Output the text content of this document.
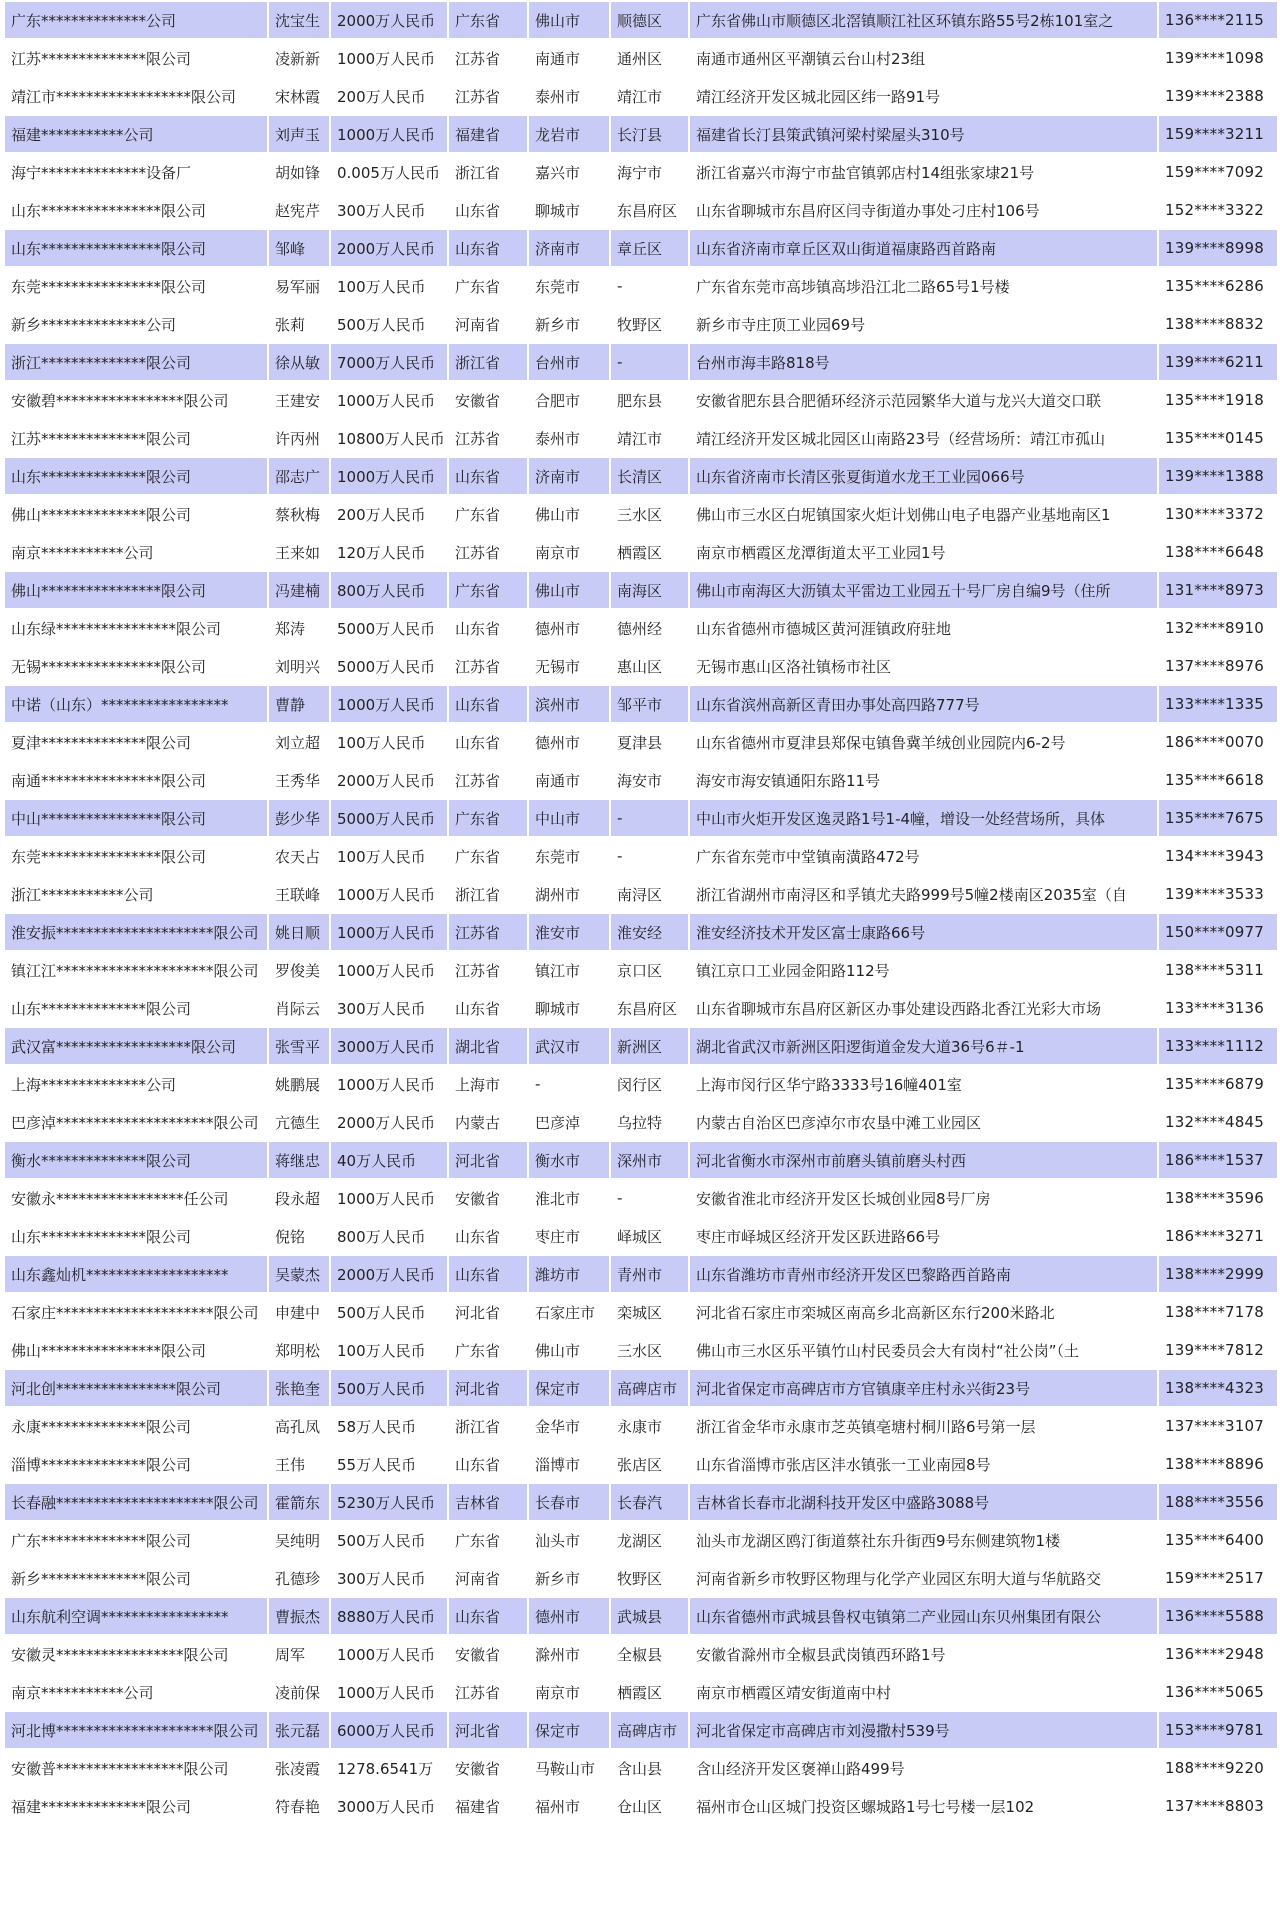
广东**************公司	沈宝生	2000万人民币	广东省	佛山市	顺德区	广东省佛山市顺德区北滘镇顺江社区环镇东路55号2栋101室之	136****2115
江苏**************限公司	凌新新	1000万人民币	江苏省	南通市	通州区	南通市通州区平潮镇云台山村23组	139****1098
靖江市******************限公司	宋林霞	200万人民币	江苏省	泰州市	靖江市	靖江经济开发区城北园区纬一路91号	139****2388
福建***********公司	刘声玉	1000万人民币	福建省	龙岩市	长汀县	福建省长汀县策武镇河梁村梁屋头310号	159****3211
海宁**************设备厂	胡如锋	0.005万人民币	浙江省	嘉兴市	海宁市	浙江省嘉兴市海宁市盐官镇郭店村14组张家埭21号	159****7092
山东****************限公司	赵宪芹	300万人民币	山东省	聊城市	东昌府区	山东省聊城市东昌府区闫寺街道办事处刁庄村106号	152****3322
山东****************限公司	邹峰	2000万人民币	山东省	济南市	章丘区	山东省济南市章丘区双山街道福康路西首路南	139****8998
东莞****************限公司	易军丽	100万人民币	广东省	东莞市	-	广东省东莞市高埗镇高埗沿江北二路65号1号楼	135****6286
新乡**************公司	张莉	500万人民币	河南省	新乡市	牧野区	新乡市寺庄顶工业园69号	138****8832
浙江**************限公司	徐从敏	7000万人民币	浙江省	台州市	-	台州市海丰路818号	139****6211
安徽碧*****************限公司	王建安	1000万人民币	安徽省	合肥市	肥东县	安徽省肥东县合肥循环经济示范园繁华大道与龙兴大道交口联	135****1918
江苏**************限公司	许丙州	10800万人民币	江苏省	泰州市	靖江市	靖江经济开发区城北园区山南路23号（经营场所：靖江市孤山	135****0145
山东**************限公司	邵志广	1000万人民币	山东省	济南市	长清区	山东省济南市长清区张夏街道水龙王工业园066号	139****1388
佛山**************限公司	蔡秋梅	200万人民币	广东省	佛山市	三水区	佛山市三水区白坭镇国家火炬计划佛山电子电器产业基地南区1	130****3372
南京***********公司	王来如	120万人民币	江苏省	南京市	栖霞区	南京市栖霞区龙潭街道太平工业园1号	138****6648
佛山****************限公司	冯建楠	800万人民币	广东省	佛山市	南海区	佛山市南海区大沥镇太平雷边工业园五十号厂房自编9号（住所	131****8973
山东绿****************限公司	郑涛	5000万人民币	山东省	德州市	德州经	山东省德州市德城区黄河涯镇政府驻地	132****8910
无锡****************限公司	刘明兴	5000万人民币	江苏省	无锡市	惠山区	无锡市惠山区洛社镇杨市社区	137****8976
中诺（山东）*****************	曹静	1000万人民币	山东省	滨州市	邹平市	山东省滨州高新区青田办事处高四路777号	133****1335
夏津**************限公司	刘立超	100万人民币	山东省	德州市	夏津县	山东省德州市夏津县郑保屯镇鲁冀羊绒创业园院内6-2号	186****0070
南通****************限公司	王秀华	2000万人民币	江苏省	南通市	海安市	海安市海安镇通阳东路11号	135****6618
中山****************限公司	彭少华	5000万人民币	广东省	中山市	-	中山市火炬开发区逸灵路1号1-4幢，增设一处经营场所，具体	135****7675
东莞****************限公司	农天占	100万人民币	广东省	东莞市	-	广东省东莞市中堂镇南潢路472号	134****3943
浙江***********公司	王联峰	1000万人民币	浙江省	湖州市	南浔区	浙江省湖州市南浔区和孚镇尤夫路999号5幢2楼南区2035室（自	139****3533
淮安振*********************限公司	姚日顺	1000万人民币	江苏省	淮安市	淮安经	淮安经济技术开发区富士康路66号	150****0977
镇江江*********************限公司	罗俊美	1000万人民币	江苏省	镇江市	京口区	镇江京口工业园金阳路112号	138****5311
山东**************限公司	肖际云	300万人民币	山东省	聊城市	东昌府区	山东省聊城市东昌府区新区办事处建设西路北香江光彩大市场	133****3136
武汉富******************限公司	张雪平	3000万人民币	湖北省	武汉市	新洲区	湖北省武汉市新洲区阳逻街道金发大道36号6＃-1	133****1112
上海**************公司	姚鹏展	1000万人民币	上海市	-	闵行区	上海市闵行区华宁路3333号16幢401室	135****6879
巴彦淖*********************限公司	亢德生	2000万人民币	内蒙古	巴彦淖	乌拉特	内蒙古自治区巴彦淖尔市农垦中滩工业园区	132****4845
衡水**************限公司	蒋继忠	40万人民币	河北省	衡水市	深州市	河北省衡水市深州市前磨头镇前磨头村西	186****1537
安徽永*****************任公司	段永超	1000万人民币	安徽省	淮北市	-	安徽省淮北市经济开发区长城创业园8号厂房	138****3596
山东**************限公司	倪铭	800万人民币	山东省	枣庄市	峄城区	枣庄市峄城区经济开发区跃进路66号	186****3271
山东鑫灿机*******************	吴蒙杰	2000万人民币	山东省	潍坊市	青州市	山东省潍坊市青州市经济开发区巴黎路西首路南	138****2999
石家庄*********************限公司	申建中	500万人民币	河北省	石家庄市	栾城区	河北省石家庄市栾城区南高乡北高新区东行200米路北	138****7178
佛山****************限公司	郑明松	100万人民币	广东省	佛山市	三水区	佛山市三水区乐平镇竹山村民委员会大有岗村“社公岗”（土	139****7812
河北创****************限公司	张艳奎	500万人民币	河北省	保定市	高碑店市	河北省保定市高碑店市方官镇康辛庄村永兴街23号	138****4323
永康**************限公司	高孔凤	58万人民币	浙江省	金华市	永康市	浙江省金华市永康市芝英镇亳塘村桐川路6号第一层	137****3107
淄博**************限公司	王伟	55万人民币	山东省	淄博市	张店区	山东省淄博市张店区沣水镇张一工业南园8号	138****8896
长春融*********************限公司	霍箭东	5230万人民币	吉林省	长春市	长春汽	吉林省长春市北湖科技开发区中盛路3088号	188****3556
广东**************限公司	吴纯明	500万人民币	广东省	汕头市	龙湖区	汕头市龙湖区鸥汀街道蔡社东升街西9号东侧建筑物1楼	135****6400
新乡**************限公司	孔德珍	300万人民币	河南省	新乡市	牧野区	河南省新乡市牧野区物理与化学产业园区东明大道与华航路交	159****2517
山东航利空调*****************	曹振杰	8880万人民币	山东省	德州市	武城县	山东省德州市武城县鲁权屯镇第二产业园山东贝州集团有限公	136****5588
安徽灵*****************限公司	周军	1000万人民币	安徽省	滁州市	全椒县	安徽省滁州市全椒县武岗镇西环路1号	136****2948
南京***********公司	凌前保	1000万人民币	江苏省	南京市	栖霞区	南京市栖霞区靖安街道南中村	136****5065
河北博*********************限公司	张元磊	6000万人民币	河北省	保定市	高碑店市	河北省保定市高碑店市刘漫撒村539号	153****9781
安徽普*****************限公司	张凌霞	1278.6541万	安徽省	马鞍山市	含山县	含山经济开发区褒禅山路499号	188****9220
福建**************限公司	符春艳	3000万人民币	福建省	福州市	仓山区	福州市仓山区城门投资区螺城路1号七号楼一层102	137****8803
